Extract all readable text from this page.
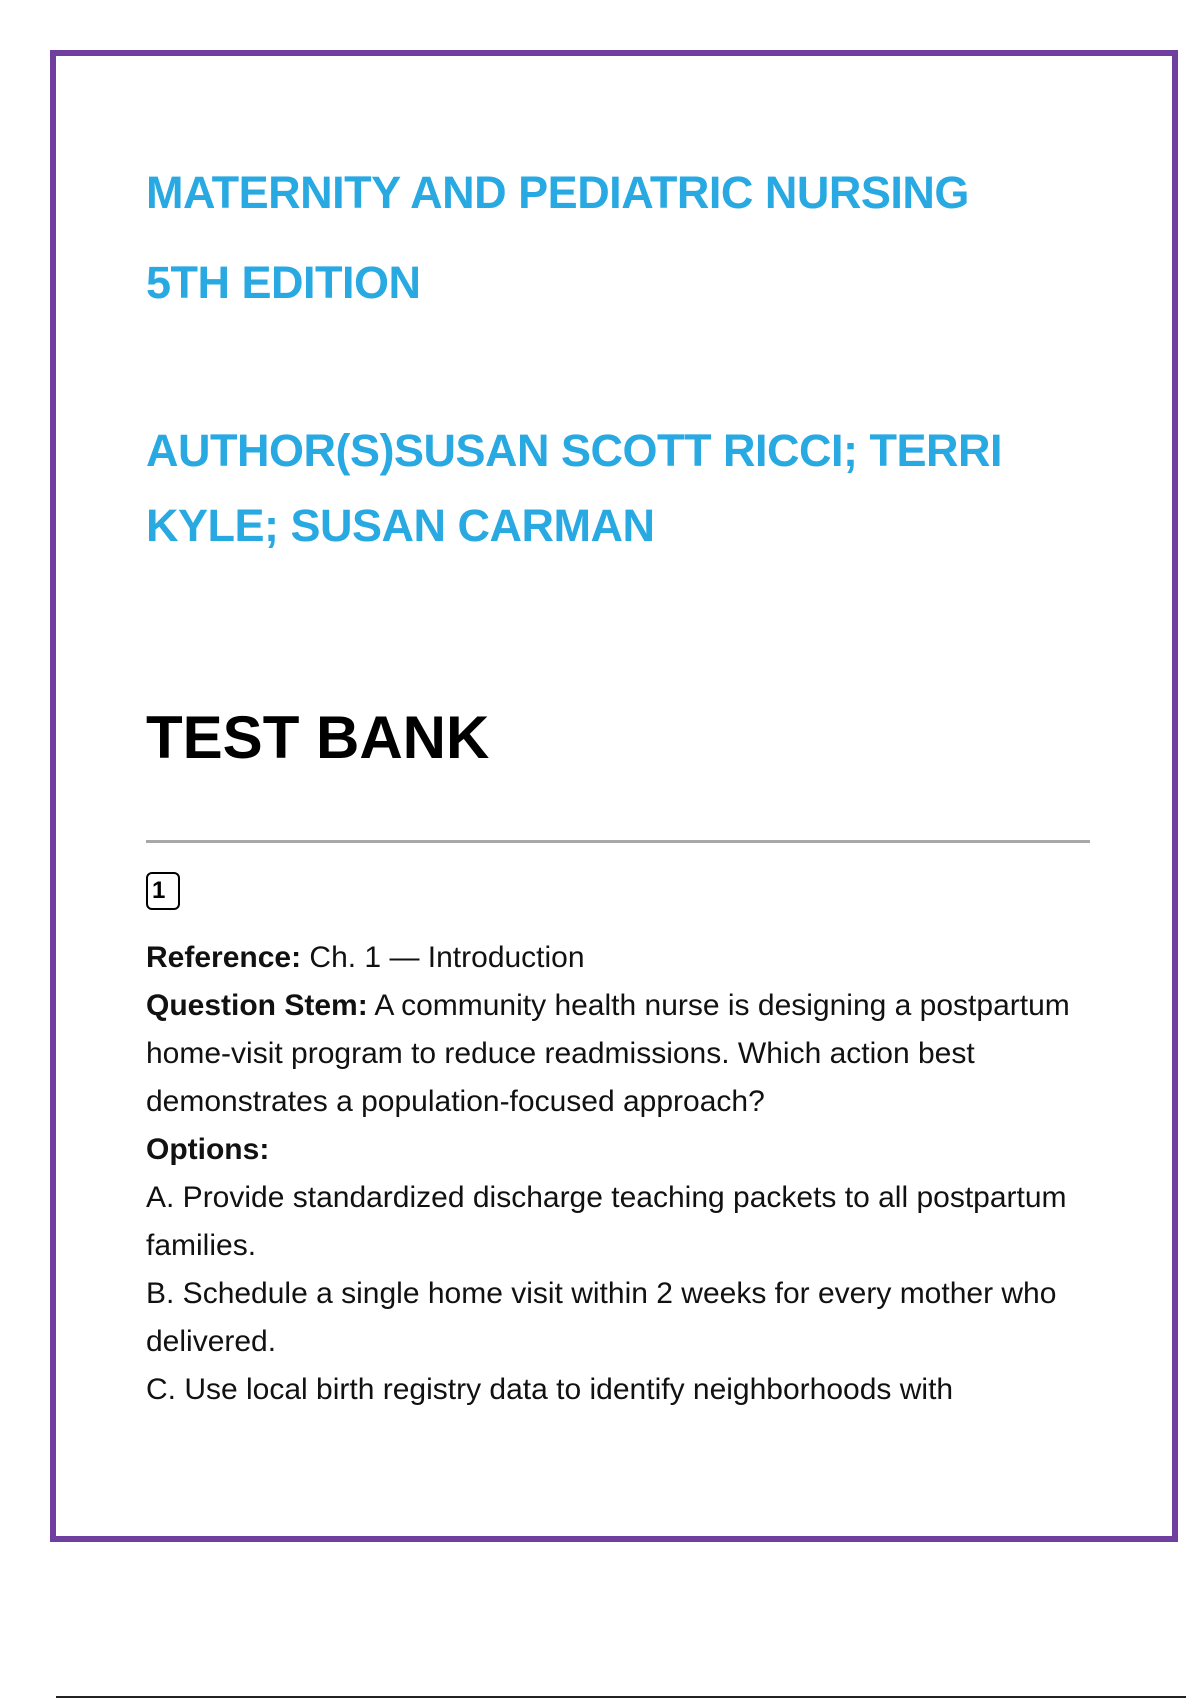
MATERNITY AND PEDIATRIC NURSING
5TH EDITION

AUTHOR(S)SUSAN SCOTT RICCI; TERRI
KYLE; SUSAN CARMAN

TEST BANK

1

Reference: Ch. 1 — Introduction

Question Stem: A community health nurse is designing a postpartum home-visit program to reduce readmissions. Which action best demonstrates a population-focused approach?

Options:

A. Provide standardized discharge teaching packets to all postpartum families.

B. Schedule a single home visit within 2 weeks for every mother who delivered.

C. Use local birth registry data to identify neighborhoods with
